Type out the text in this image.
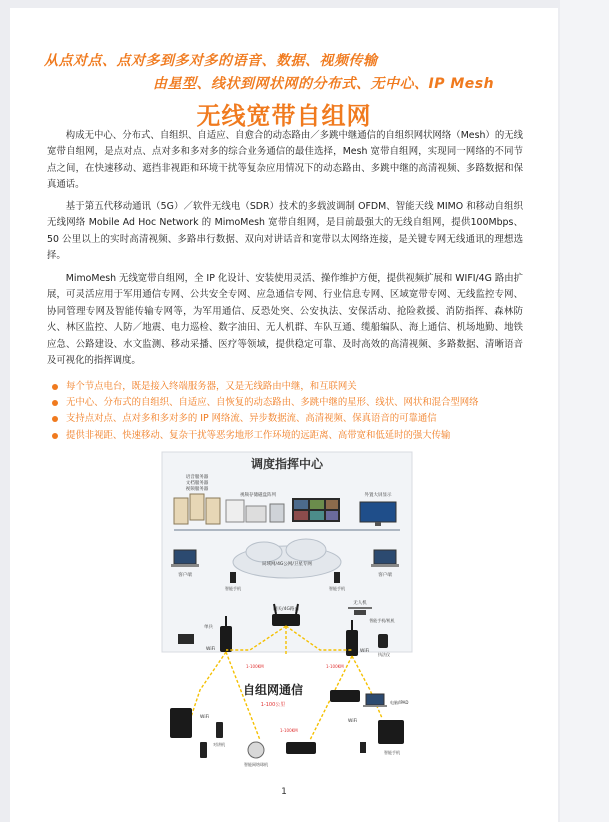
从点对点、点对多到多对多的语音、数据、视频传输
由星型、线状到网状网的分布式、无中心、IP Mesh
无线宽带自组网
构成无中心、分布式、自组织、自适应、自愈合的动态路由／多跳中继通信的自组织网状网络（Mesh）的无线宽带自组网，是点对点、点对多和多对多的综合业务通信的最佳选择，Mesh 宽带自组网，实现同一网络的不同节点之间，在快速移动、遮挡非视距和环境干扰等复杂应用情况下的动态路由、多跳中继的高清视频、多路数据和保真通话。
基于第五代移动通讯（5G）／软件无线电（SDR）技术的多载波调制 OFDM、智能天线 MIMO 和移动自组织无线网络 Mobile Ad Hoc Network 的 MimoMesh 宽带自组网，是目前最强大的无线自组网，提供100Mbps、50 公里以上的实时高清视频、多路串行数据、双向对讲话音和宽带以太网络连接，是关键专网无线通讯的理想选择。
MimoMesh 无线宽带自组网，全 IP 化设计、安装使用灵活、操作维护方便，提供视频扩展和 WIFI/4G 路由扩展，可灵活应用于军用通信专网、公共安全专网、应急通信专网、行业信息专网、区域宽带专网、无线监控专网、协同管理专网及智能传输专网等，为军用通信、反恐处突、公安执法、安保活动、抢险救援、消防指挥、森林防火、林区监控、人防／地震、电力巡检、数字油田、无人机群、车队互通、缆船编队、海上通信、机场地勤、地铁应急、公路建设、水文监测、移动采播、医疗等领域，提供稳定可靠、及时高效的高清视频、多路数据、清晰语音及可视化的指挥调度。
每个节点电台，既是接入终端服务器，又是无线路由中继，和互联网关
无中心、分布式的自组织、自适应、自恢复的动态路由、多跳中继的星形、线状、网状和混合型网络
支持点对点、点对多和多对多的 IP 网络流、异步数据流、高清视频、保真语音的可靠通信
提供非视距、快速移动、复杂干扰等恶劣地形工作环境的远距离、高带宽和低延时的强大传输
调度指挥中心
语音服务器
文档服务器
视频服务器
视频存储磁盘阵列	外置大屏显示
客户端	客户端
局域网/4G公网/卫星专网
智能手机	智能手机
网关/4G路由
无人机
智能手机/机机
WiFi
单兵
执法仪
WiFi
1-100KM	1-100KM
自组网通信
1-100公里
WiFi
对讲机
智能网络球机
1-100KM
电脑/IPAD
智能手机
WiFi
1
